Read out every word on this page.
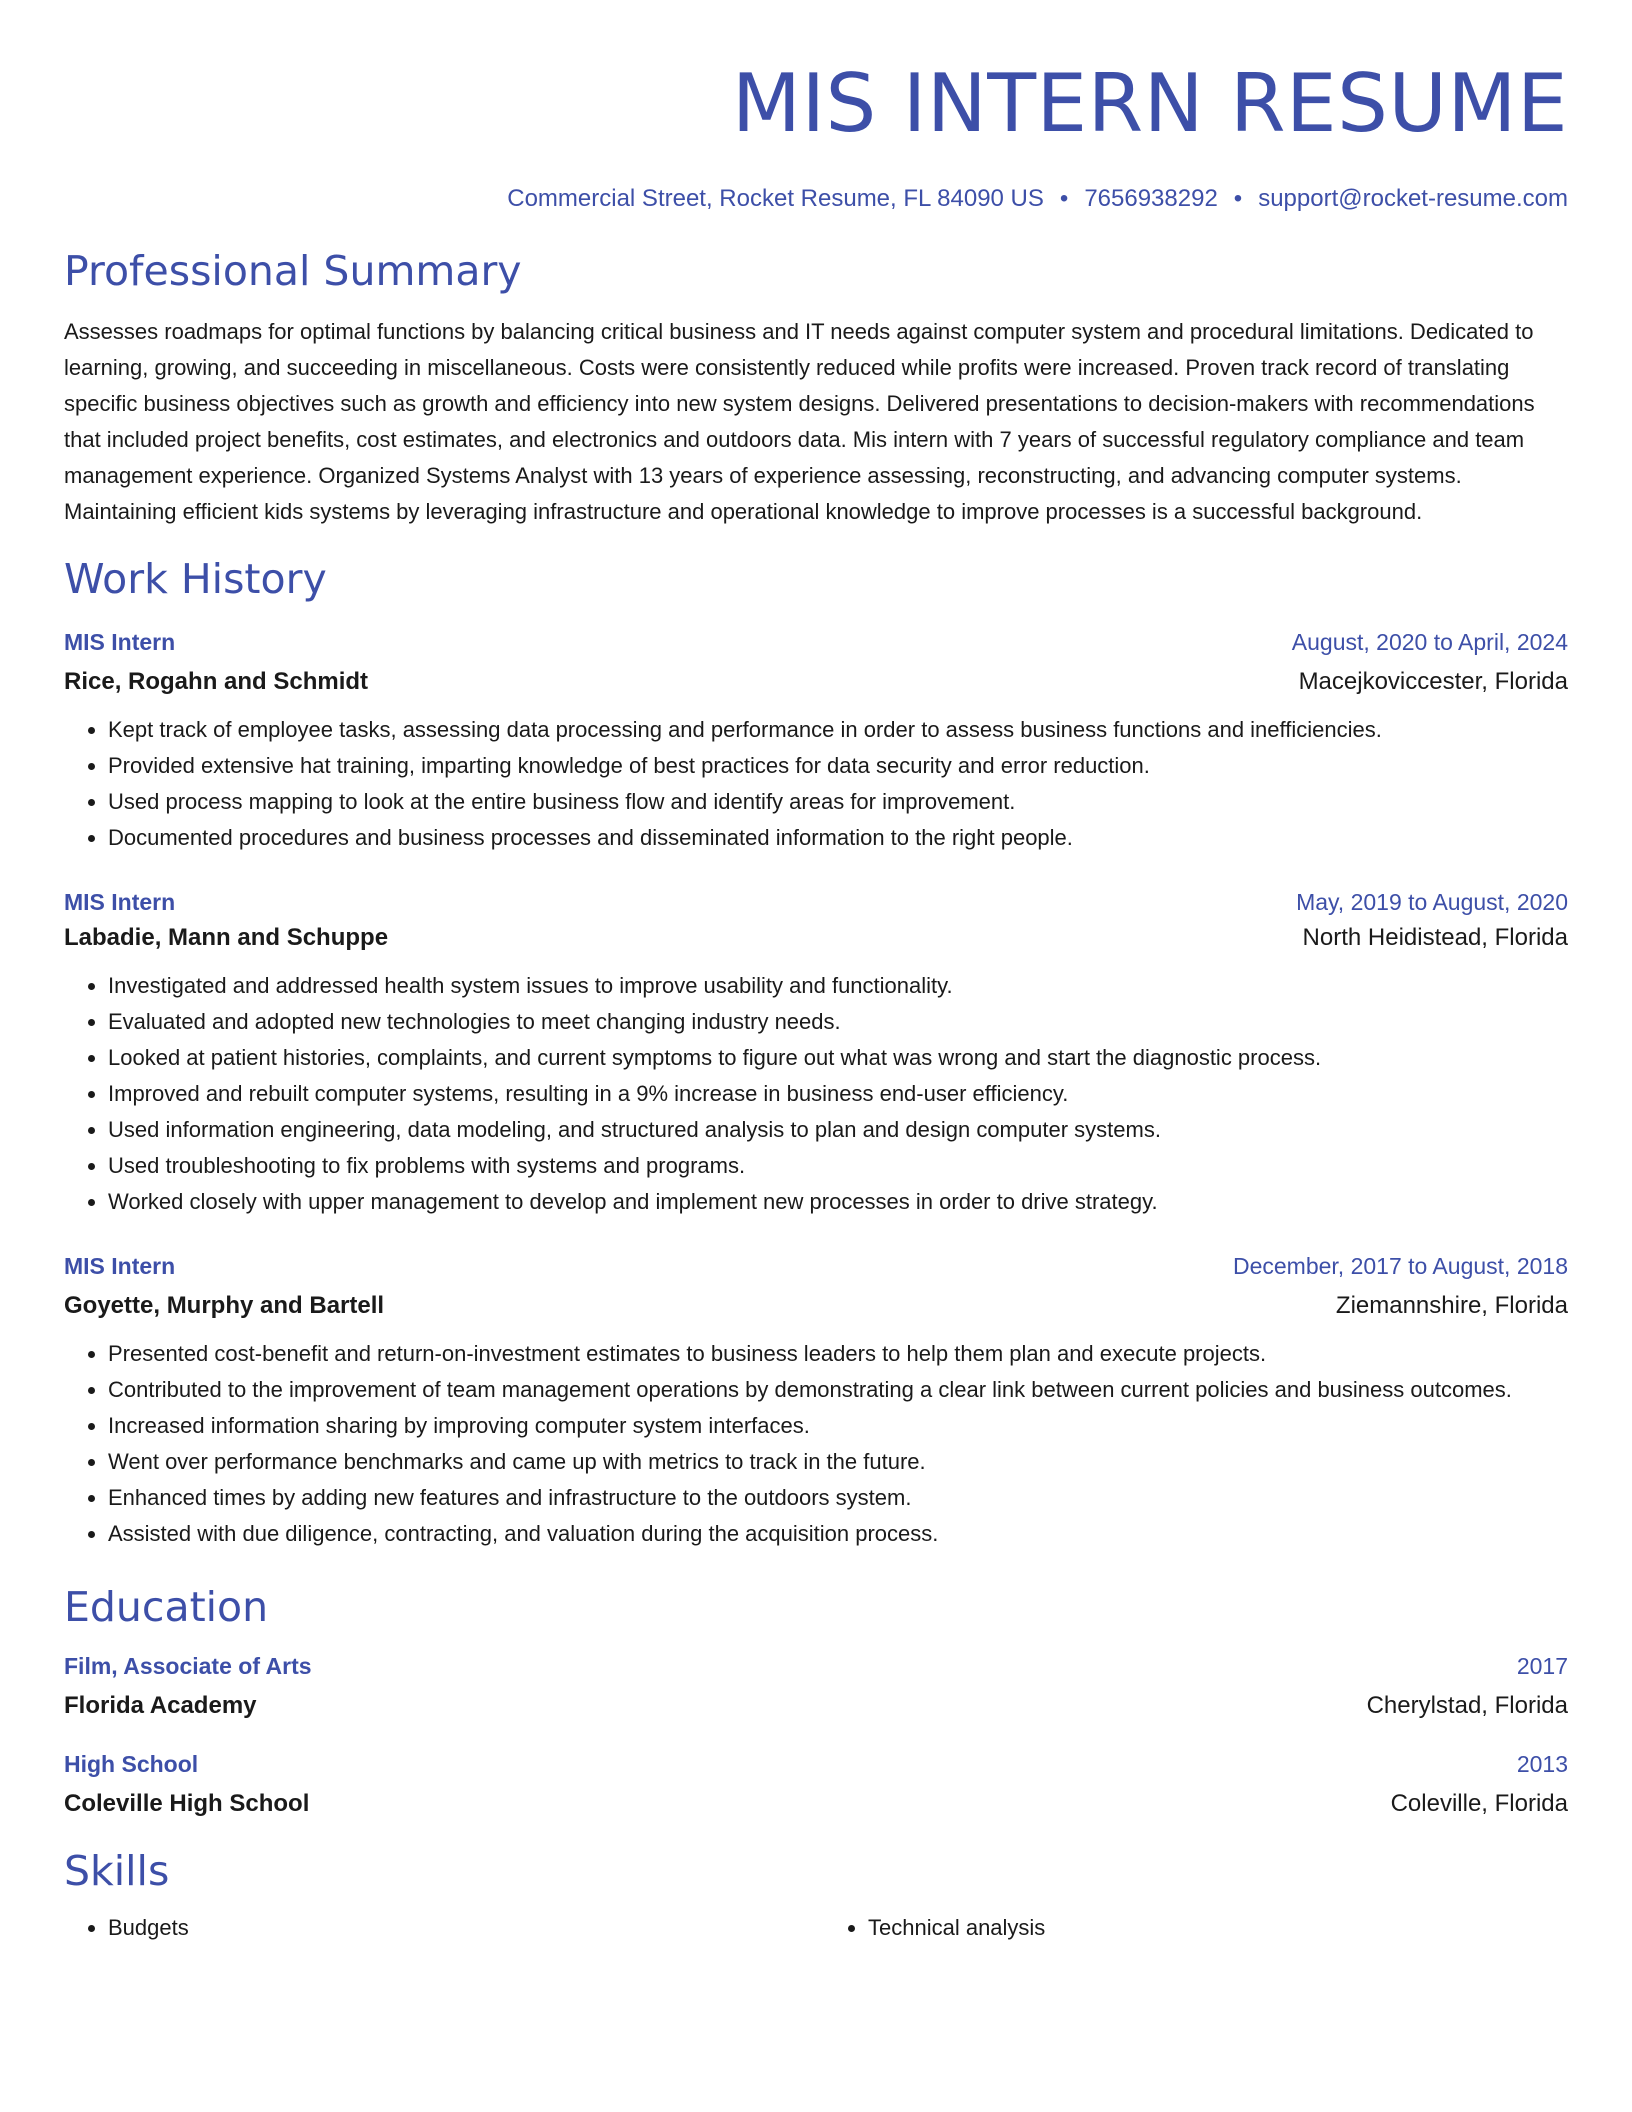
MIS INTERN RESUME
Commercial Street, Rocket Resume, FL 84090 US • 7656938292 • support@rocket-resume.com
Professional Summary

Assesses roadmaps for optimal functions by balancing critical business and IT needs against computer system and procedural limitations. Dedicated to learning, growing, and succeeding in miscellaneous. Costs were consistently reduced while profits were increased. Proven track record of translating specific business objectives such as growth and efficiency into new system designs. Delivered presentations to decision-makers with recommendations that included project benefits, cost estimates, and electronics and outdoors data. Mis intern with 7 years of successful regulatory compliance and team management experience. Organized Systems Analyst with 13 years of experience assessing, reconstructing, and advancing computer systems. Maintaining efficient kids systems by leveraging infrastructure and operational knowledge to improve processes is a successful background.

Work History
MIS Intern	August, 2020 to April, 2024
Rice, Rogahn and Schmidt	Macejkoviccester, Florida
• Kept track of employee tasks, assessing data processing and performance in order to assess business functions and inefficiencies.
• Provided extensive hat training, imparting knowledge of best practices for data security and error reduction.
• Used process mapping to look at the entire business flow and identify areas for improvement.
• Documented procedures and business processes and disseminated information to the right people.
MIS Intern	May, 2019 to August, 2020
Labadie, Mann and Schuppe	North Heidistead, Florida
• Investigated and addressed health system issues to improve usability and functionality.
• Evaluated and adopted new technologies to meet changing industry needs.
• Looked at patient histories, complaints, and current symptoms to figure out what was wrong and start the diagnostic process.
• Improved and rebuilt computer systems, resulting in a 9% increase in business end-user efficiency.
• Used information engineering, data modeling, and structured analysis to plan and design computer systems.
• Used troubleshooting to fix problems with systems and programs.
• Worked closely with upper management to develop and implement new processes in order to drive strategy.
MIS Intern	December, 2017 to August, 2018
Goyette, Murphy and Bartell	Ziemannshire, Florida
• Presented cost-benefit and return-on-investment estimates to business leaders to help them plan and execute projects.
• Contributed to the improvement of team management operations by demonstrating a clear link between current policies and business outcomes.
• Increased information sharing by improving computer system interfaces.
• Went over performance benchmarks and came up with metrics to track in the future.
• Enhanced times by adding new features and infrastructure to the outdoors system.
• Assisted with due diligence, contracting, and valuation during the acquisition process.
Education
Film, Associate of Arts	2017
Florida Academy	Cherylstad, Florida
High School	2013
Coleville High School	Coleville, Florida
Skills
• Budgets
•	Technical analysis
